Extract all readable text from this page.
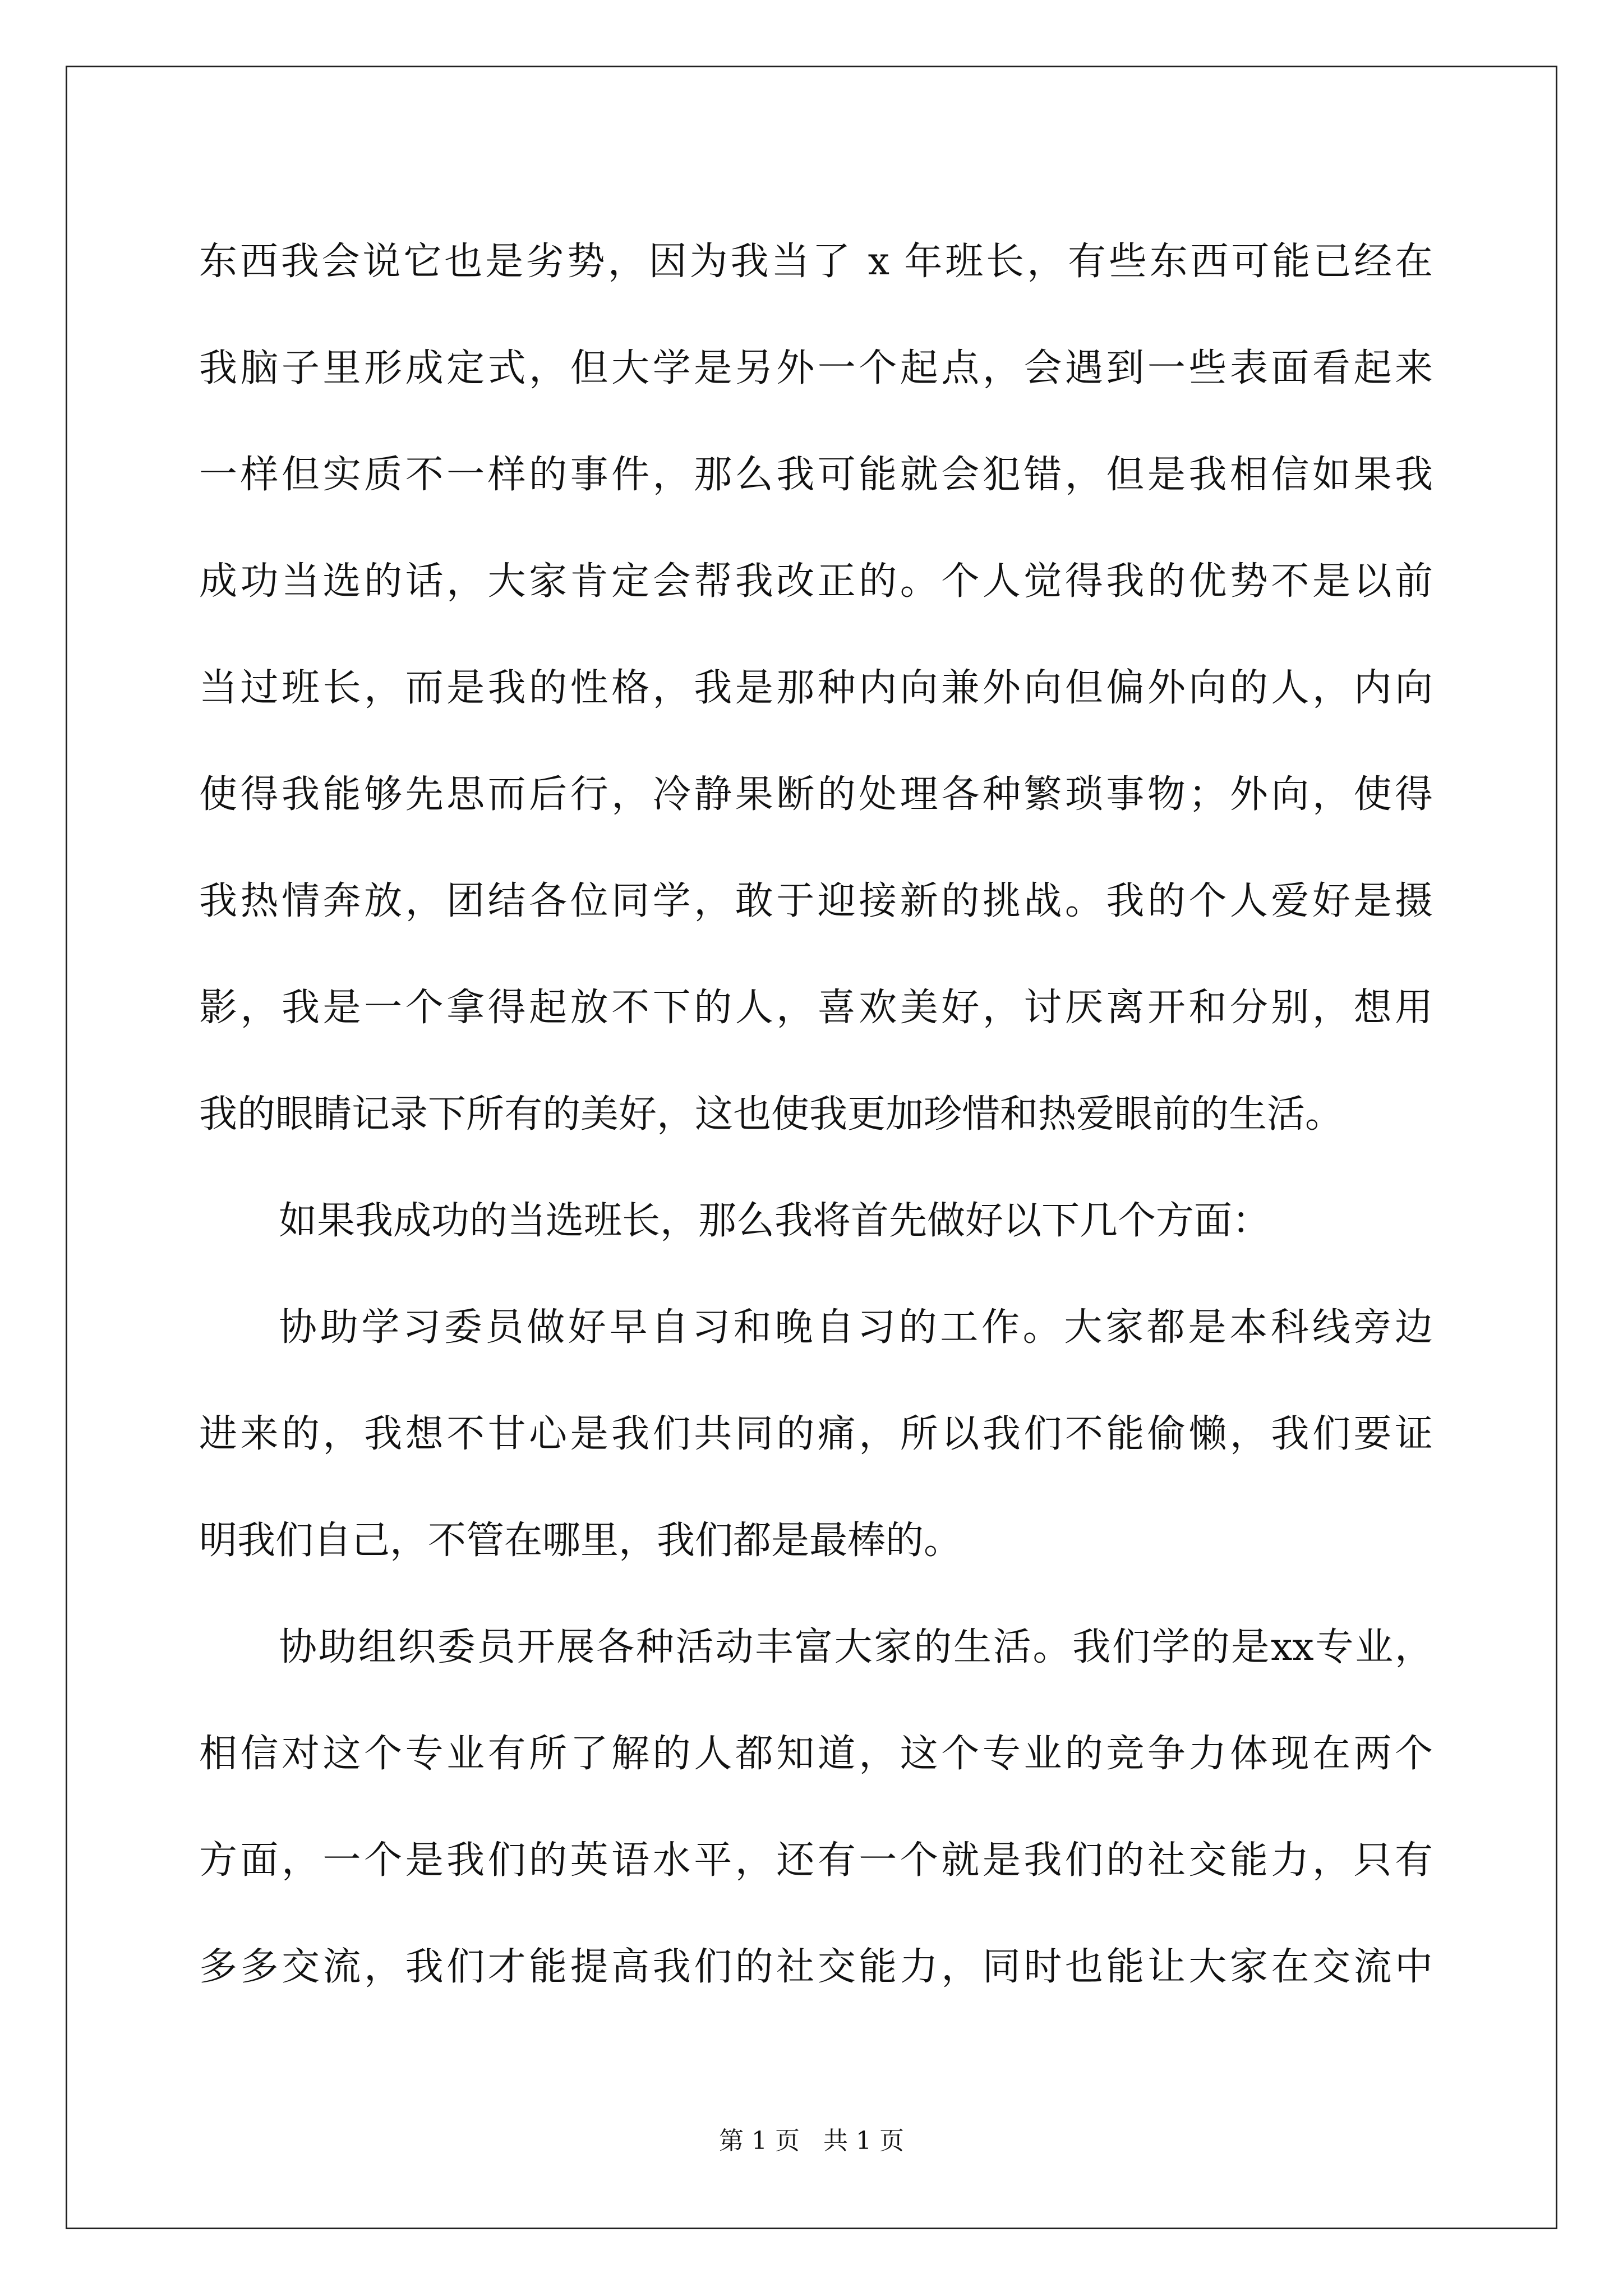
东西我会说它也是劣势，因为我当了 x 年班长，有些东西可能已经在
我脑子里形成定式，但大学是另外一个起点，会遇到一些表面看起来
一样但实质不一样的事件，那么我可能就会犯错，但是我相信如果我
成功当选的话，大家肯定会帮我改正的。个人觉得我的优势不是以前
当过班长，而是我的性格，我是那种内向兼外向但偏外向的人，内向
使得我能够先思而后行，冷静果断的处理各种繁琐事物；外向，使得
我热情奔放，团结各位同学，敢于迎接新的挑战。我的个人爱好是摄
影，我是一个拿得起放不下的人，喜欢美好，讨厌离开和分别，想用
我的眼睛记录下所有的美好，这也使我更加珍惜和热爱眼前的生活。
如果我成功的当选班长，那么我将首先做好以下几个方面：
协助学习委员做好早自习和晚自习的工作。大家都是本科线旁边
进来的，我想不甘心是我们共同的痛，所以我们不能偷懒，我们要证
明我们自己，不管在哪里，我们都是最棒的。
协助组织委员开展各种活动丰富大家的生活。我们学的是xx专业，
相信对这个专业有所了解的人都知道，这个专业的竞争力体现在两个
方面，一个是我们的英语水平，还有一个就是我们的社交能力，只有
多多交流，我们才能提高我们的社交能力，同时也能让大家在交流中
第 1 页   共 1 页
